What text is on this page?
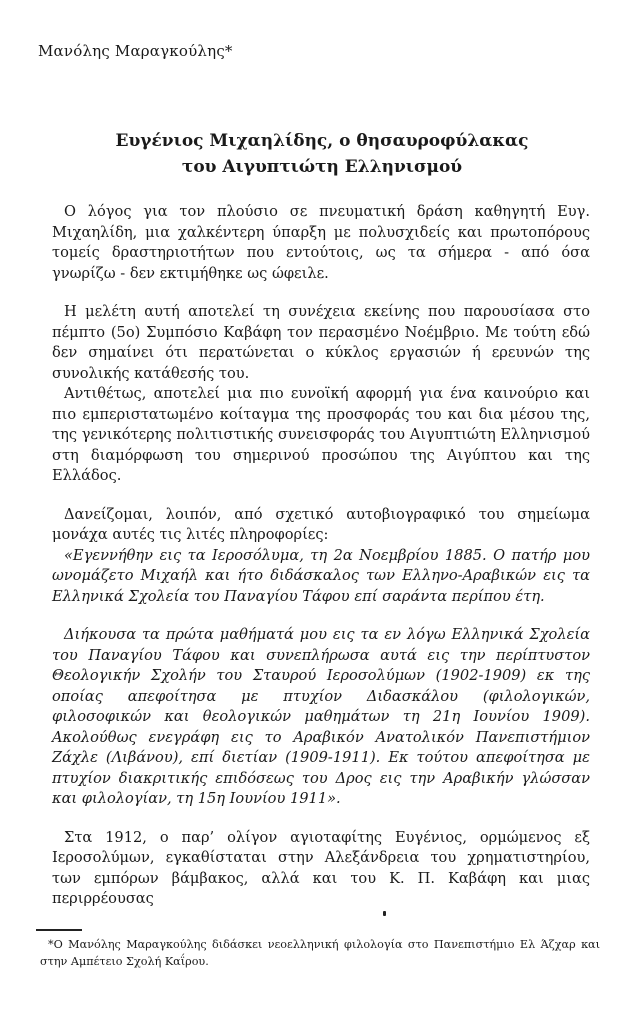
Μανόλης Μαραγκούλης*
Ευγένιος Μιχαηλίδης, ο θησαυροφύλακας
του Αιγυπτιώτη Ελληνισμού

Ο λόγος για τον πλούσιο σε πνευματική δράση καθηγητή Ευγ. Μιχαηλίδη, μια χαλκέντερη ύπαρξη με πολυσχιδείς και πρωτοπόρους τομείς δραστηριοτήτων που εντούτοις, ως τα σήμερα - από όσα γνωρίζω - δεν εκτιμήθηκε ως ώφειλε.

Η μελέτη αυτή αποτελεί τη συνέχεια εκείνης που παρουσίασα στο πέμπτο (5ο) Συμπόσιο Καβάφη τον περασμένο Νοέμβριο. Με τούτη εδώ δεν σημαίνει ότι περατώνεται ο κύκλος εργασιών ή ερευνών της συνολικής κατάθεσής του.

Αντιθέτως, αποτελεί μια πιο ευνοϊκή αφορμή για ένα καινούριο και πιο εμπεριστατωμένο κοίταγμα της προσφοράς του και δια μέσου της, της γενικότερης πολιτιστικής συνεισφοράς του Αιγυπτιώτη Ελληνισμού στη διαμόρφωση του σημερινού προσώπου της Αιγύπτου και της Ελλάδος.

Δανείζομαι, λοιπόν, από σχετικό αυτοβιογραφικό του σημείωμα μονάχα αυτές τις λιτές πληροφορίες:

«Εγεννήθην εις τα Ιεροσόλυμα, τη 2α Νοεμβρίου 1885. Ο πατήρ μου ωνομάζετο Μιχαήλ και ήτο διδάσκαλος των Ελληνο-Αραβικών εις τα Ελληνικά Σχολεία του Παναγίου Τάφου επί σαράντα περίπου έτη.

Διήκουσα τα πρώτα μαθήματά μου εις τα εν λόγω Ελληνικά Σχολεία του Παναγίου Τάφου και συνεπλήρωσα αυτά εις την περίπτυστον Θεολογικήν Σχολήν του Σταυρού Ιεροσολύμων (1902-1909) εκ της οποίας απεφοίτησα με πτυχίον Διδασκάλου (φιλολογικών, φιλοσοφικών και θεολογικών μαθημάτων τη 21η Ιουνίου 1909). Ακολούθως ενεγράφη εις το Αραβικόν Ανατολικόν Πανεπιστήμιον Ζάχλε (Λιβάνου), επί διετίαν (1909-1911). Εκ τούτου απεφοίτησα με πτυχίον διακριτικής επιδόσεως του Δρος εις την Αραβικήν γλώσσαν και φιλολογίαν, τη 15η Ιουνίου 1911».

Στα 1912, ο παρ’ ολίγον αγιοταφίτης Ευγένιος, ορμώμενος εξ Ιεροσολύμων, εγκαθίσταται στην Αλεξάνδρεια του χρηματιστηρίου, των εμπόρων βάμβακος, αλλά και του Κ. Π. Καβάφη και μιας περιρρέουσας

*Ο Μανόλης Μαραγκούλης διδάσκει νεοελληνική φιλολογία στο Πανεπιστήμιο Ελ Άζχαρ και στην Αμπέτειο Σχολή Καΐρου.
